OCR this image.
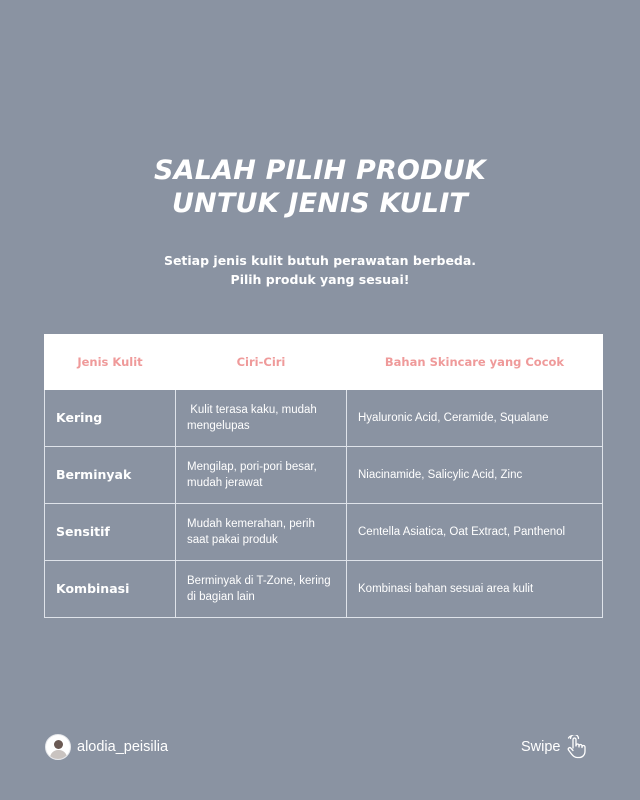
SALAH PILIH PRODUK
UNTUK JENIS KULIT
Setiap jenis kulit butuh perawatan berbeda.
Pilih produk yang sesuai!
Jenis Kulit	Ciri-Ciri	Bahan Skincare yang Cocok
Kering	Kulit terasa kaku, mudah mengelupas	Hyaluronic Acid, Ceramide, Squalane
Berminyak	Mengilap, pori-pori besar, mudah jerawat	Niacinamide, Salicylic Acid, Zinc
Sensitif	Mudah kemerahan, perih saat pakai produk	Centella Asiatica, Oat Extract, Panthenol
Kombinasi	Berminyak di T-Zone, kering di bagian lain	Kombinasi bahan sesuai area kulit
alodia_peisilia	Swipe
